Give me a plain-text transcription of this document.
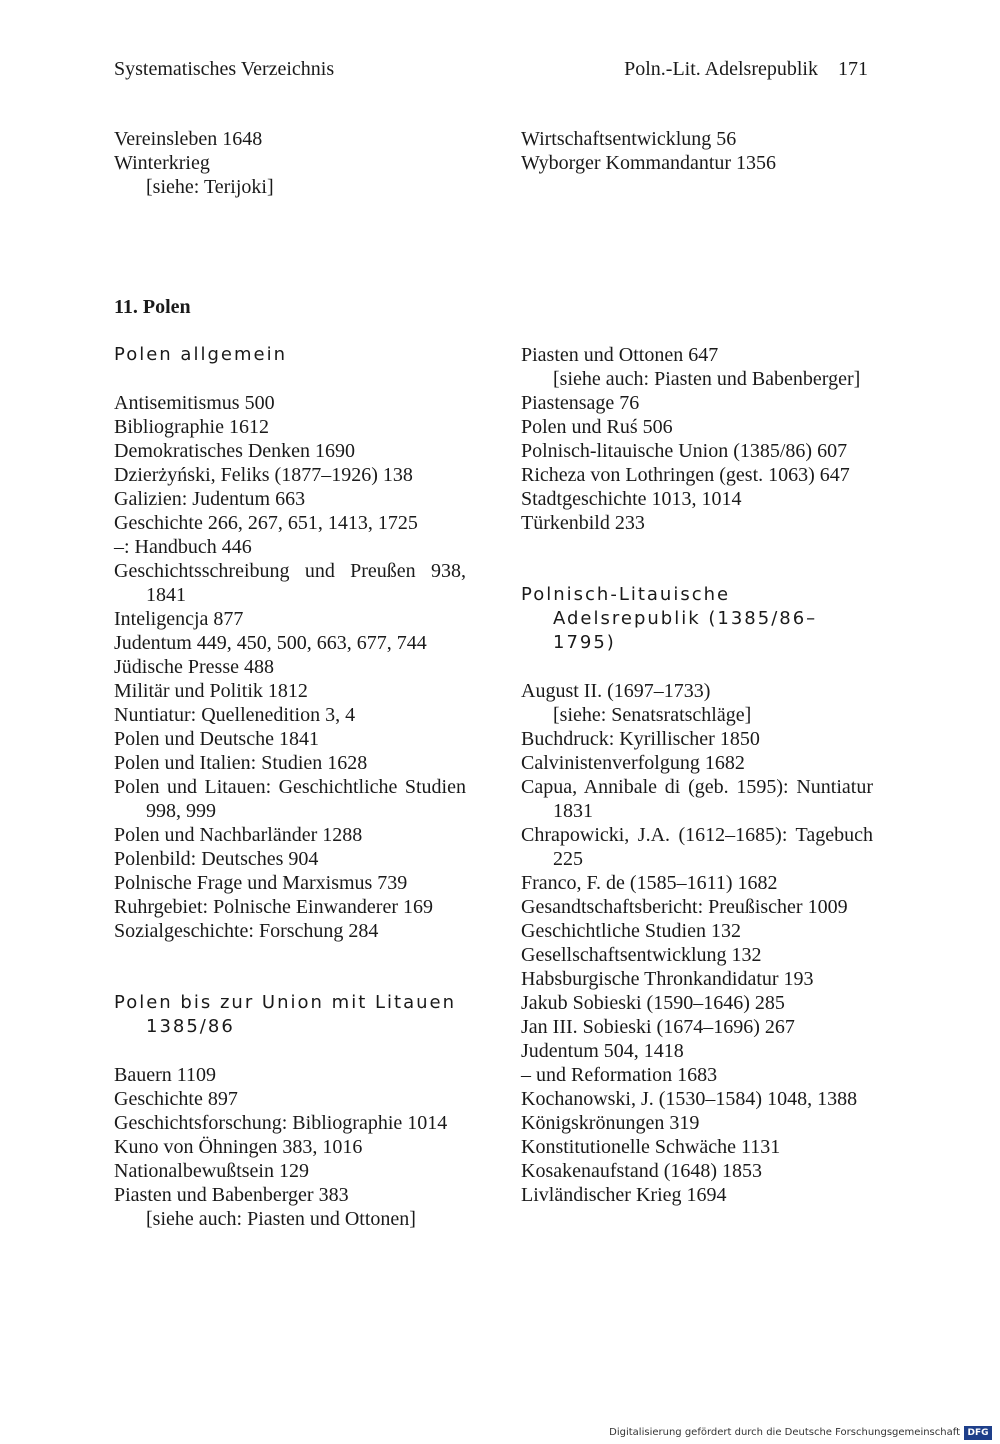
Systematisches Verzeichnis	Poln.-Lit. Adelsrepublik 171
Vereinsleben 1648
Winterkrieg
[siehe: Terijoki]
Wirtschaftsentwicklung 56
Wyborger Kommandantur 1356
11. Polen
Polen allgemein
Antisemitismus 500
Bibliographie 1612
Demokratisches Denken 1690
Dzierżyński, Feliks (1877–1926) 138
Galizien: Judentum 663
Geschichte 266, 267, 651, 1413, 1725
–: Handbuch 446
Geschichtsschreibung und Preußen 938, 1841
Inteligencja 877
Judentum 449, 450, 500, 663, 677, 744
Jüdische Presse 488
Militär und Politik 1812
Nuntiatur: Quellenedition 3, 4
Polen und Deutsche 1841
Polen und Italien: Studien 1628
Polen und Litauen: Geschichtliche Studien 998, 999
Polen und Nachbarländer 1288
Polenbild: Deutsches 904
Polnische Frage und Marxismus 739
Ruhrgebiet: Polnische Einwanderer 169
Sozialgeschichte: Forschung 284
Polen bis zur Union mit Litauen 1385/86
Bauern 1109
Geschichte 897
Geschichtsforschung: Bibliographie 1014
Kuno von Öhningen 383, 1016
Nationalbewußtsein 129
Piasten und Babenberger 383
[siehe auch: Piasten und Ottonen]
Piasten und Ottonen 647
[siehe auch: Piasten und Babenberger]
Piastensage 76
Polen und Ruś 506
Polnisch-litauische Union (1385/86) 607
Richeza von Lothringen (gest. 1063) 647
Stadtgeschichte 1013, 1014
Türkenbild 233
Polnisch-Litauische Adelsrepublik (1385/86–1795)
August II. (1697–1733)
[siehe: Senatsratschläge]
Buchdruck: Kyrillischer 1850
Calvinistenverfolgung 1682
Capua, Annibale di (geb. 1595): Nuntiatur 1831
Chrapowicki, J.A. (1612–1685): Tagebuch 225
Franco, F. de (1585–1611) 1682
Gesandtschaftsbericht: Preußischer 1009
Geschichtliche Studien 132
Gesellschaftsentwicklung 132
Habsburgische Thronkandidatur 193
Jakub Sobieski (1590–1646) 285
Jan III. Sobieski (1674–1696) 267
Judentum 504, 1418
– und Reformation 1683
Kochanowski, J. (1530–1584) 1048, 1388
Königskrönungen 319
Konstitutionelle Schwäche 1131
Kosakenaufstand (1648) 1853
Livländischer Krieg 1694
Digitalisierung gefördert durch die Deutsche Forschungsgemeinschaft DFG
